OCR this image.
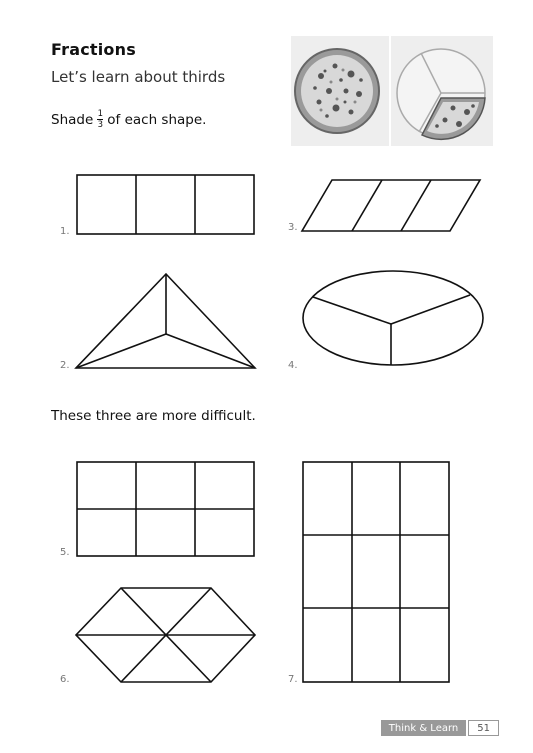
Fractions
Let’s learn about thirds
Shade $\frac{1}{3}$ of each shape.
1.	3.
2.	4.
These three are more difficult.
5.
7.
6.
Think & Learn	51
